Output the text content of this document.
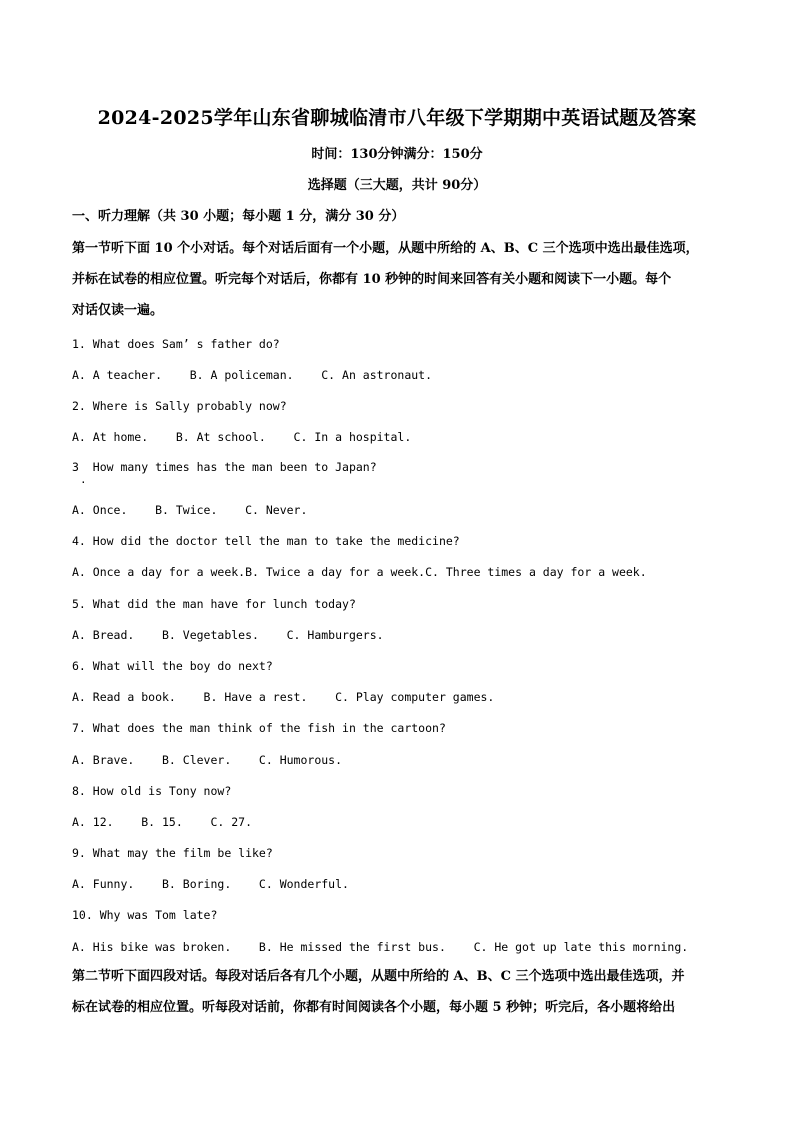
2024-2025学年山东省聊城临清市八年级下学期期中英语试题及答案
时间：130分钟满分：150分
选择题（三大题，共计 90分）
一、听力理解（共 30 小题；每小题 1 分，满分 30 分）
第一节听下面 10 个小对话。每个对话后面有一个小题，从题中所给的 A、B、C 三个选项中选出最佳选项，
并标在试卷的相应位置。听完每个对话后，你都有 10 秒钟的时间来回答有关小题和阅读下一小题。每个
对话仅读一遍。
1. What does Sam’ s father do?
A. A teacher.    B. A policeman.    C. An astronaut.
2. Where is Sally probably now?
A. At home.    B. At school.    C. In a hospital.
3  How many times has the man been to Japan?
·
A. Once.    B. Twice.    C. Never.
4. How did the doctor tell the man to take the medicine?
A. Once a day for a week.B. Twice a day for a week.C. Three times a day for a week.
5. What did the man have for lunch today?
A. Bread.    B. Vegetables.    C. Hamburgers.
6. What will the boy do next?
A. Read a book.    B. Have a rest.    C. Play computer games.
7. What does the man think of the fish in the cartoon?
A. Brave.    B. Clever.    C. Humorous.
8. How old is Tony now?
A. 12.    B. 15.    C. 27.
9. What may the film be like?
A. Funny.    B. Boring.    C. Wonderful.
10. Why was Tom late?
A. His bike was broken.    B. He missed the first bus.    C. He got up late this morning.
第二节听下面四段对话。每段对话后各有几个小题，从题中所给的 A、B、C 三个选项中选出最佳选项，并
标在试卷的相应位置。听每段对话前，你都有时间阅读各个小题，每小题 5 秒钟；听完后，各小题将给出
